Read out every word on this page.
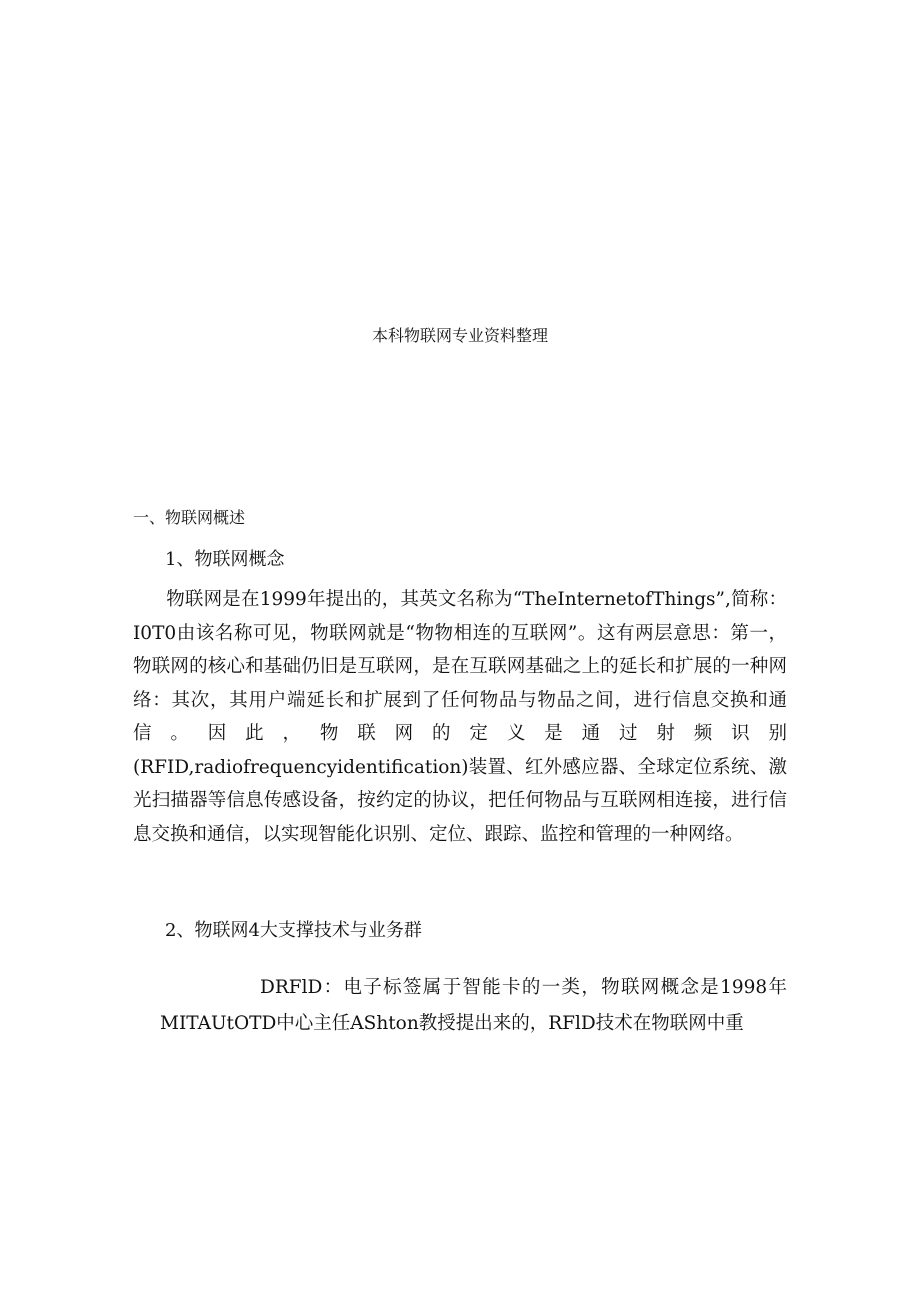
本科物联网专业资料整理
一、物联网概述
1、物联网概念

物联网是在1999年提出的，其英文名称为“TheInternetofThings”,简称：I0T0由该名称可见，物联网就是“物物相连的互联网”。这有两层意思：第一，物联网的核心和基础仍旧是互联网，是在互联网基础之上的延长和扩展的一种网络：其次，其用户端延长和扩展到了任何物品与物品之间，进行信息交换和通信。因此，物联网的定义是通过射频识别(RFID,radiofrequencyidentification)装置、红外感应器、全球定位系统、激光扫描器等信息传感设备，按约定的协议，把任何物品与互联网相连接，进行信息交换和通信，以实现智能化识别、定位、跟踪、监控和管理的一种网络。

2、物联网4大支撑技术与业务群

DRFlD：电子标签属于智能卡的一类，物联网概念是1998年MITAUtOTD中心主任AShton教授提出来的，RFlD技术在物联网中重
